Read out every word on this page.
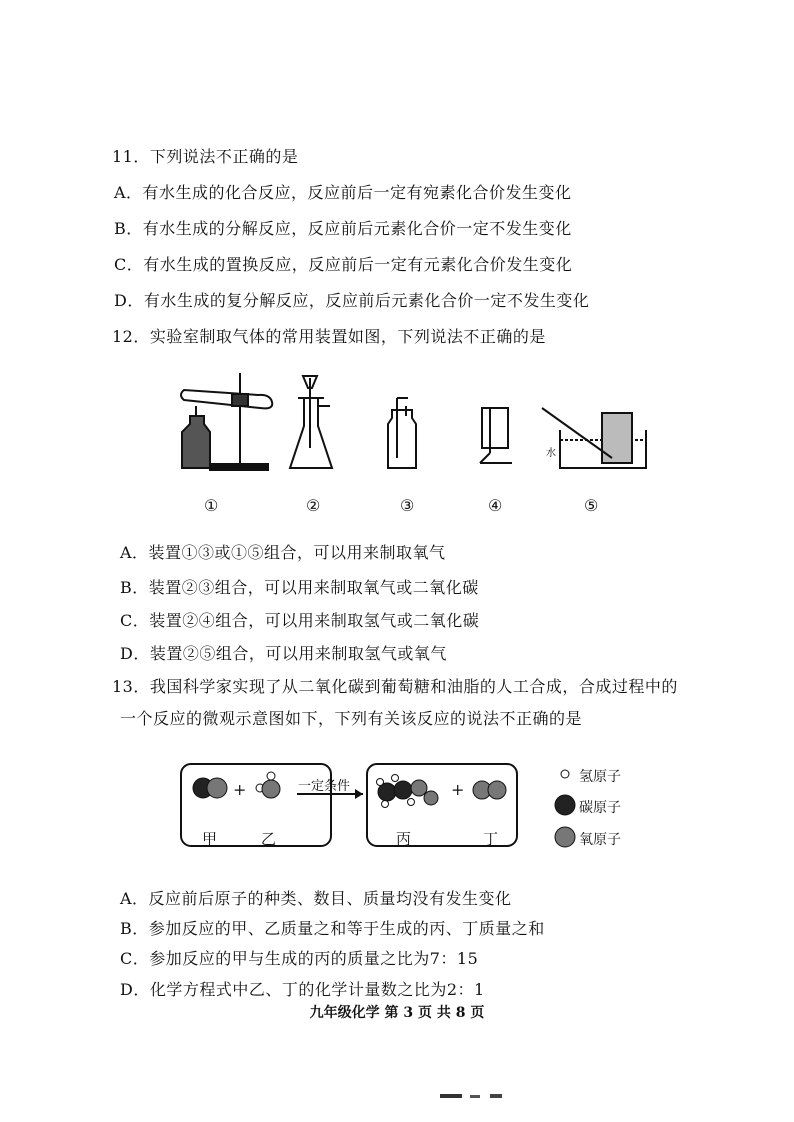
11．下列说法不正确的是
A．有水生成的化合反应，反应前后一定有宛素化合价发生变化
B．有水生成的分解反应，反应前后元素化合价一定不发生变化
C．有水生成的置换反应，反应前后一定有元素化合价发生变化
D．有水生成的复分解反应，反应前后元素化合价一定不发生变化
12．实验室制取气体的常用装置如图，下列说法不正确的是
水
①	②	③	④	⑤
A．装置①③或①⑤组合，可以用来制取氧气
B．装置②③组合，可以用来制取氧气或二氧化碳
C．装置②④组合，可以用来制取氢气或二氧化碳
D．装置②⑤组合，可以用来制取氢气或氧气
13．我国科学家实现了从二氧化碳到葡萄糖和油脂的人工合成，合成过程中的
一个反应的微观示意图如下，下列有关该反应的说法不正确的是
+	+
一定条件
甲	乙	丙	丁
氢原子
碳原子
氧原子
A．反应前后原子的种类、数目、质量均没有发生变化
B．参加反应的甲、乙质量之和等于生成的丙、丁质量之和
C．参加反应的甲与生成的丙的质量之比为7：15
D．化学方程式中乙、丁的化学计量数之比为2：1
九年级化学 第 3 页 共 8 页
